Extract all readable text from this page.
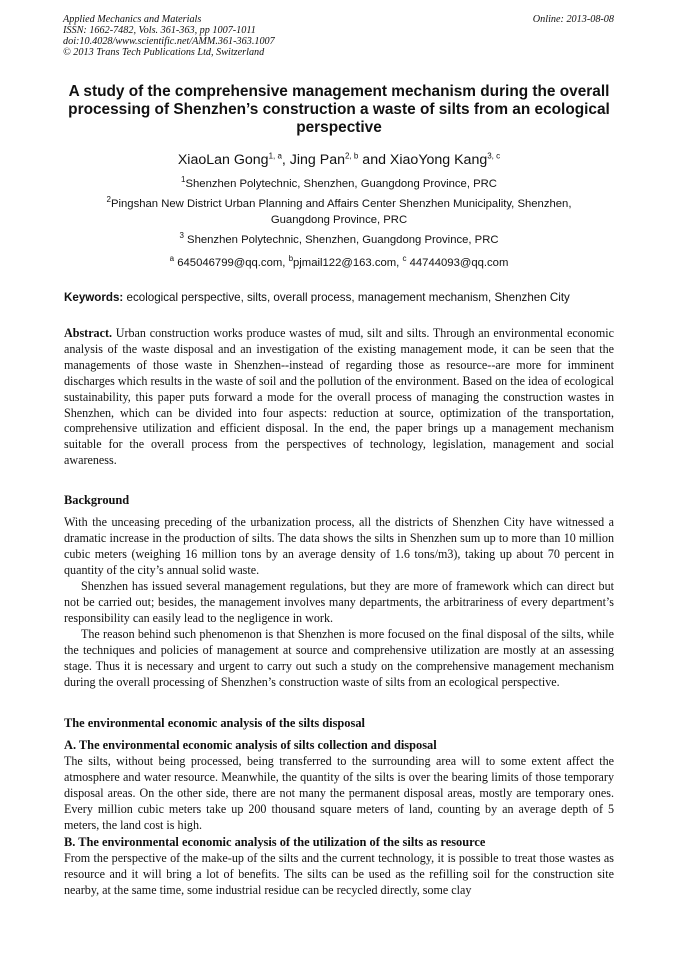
Applied Mechanics and Materials
ISSN: 1662-7482, Vols. 361-363, pp 1007-1011
doi:10.4028/www.scientific.net/AMM.361-363.1007
© 2013 Trans Tech Publications Ltd, Switzerland
Online: 2013-08-08
A study of the comprehensive management mechanism during the overall processing of Shenzhen’s construction a waste of silts from an ecological perspective
XiaoLan Gong$^{1, a}$, Jing Pan$^{2, b}$ and XiaoYong Kang$^{3, c}$
$^1$Shenzhen Polytechnic, Shenzhen, Guangdong Province, PRC
$^2$Pingshan New District Urban Planning and Affairs Center Shenzhen Municipality, Shenzhen, Guangdong Province, PRC
$^3$ Shenzhen Polytechnic, Shenzhen, Guangdong Province, PRC
$^a$ 645046799@qq.com, $^b$pjmail122@163.com, $^c$ 44744093@qq.com
Keywords: ecological perspective, silts, overall process, management mechanism, Shenzhen City
Abstract. Urban construction works produce wastes of mud, silt and silts. Through an environmental economic analysis of the waste disposal and an investigation of the existing management mode, it can be seen that the managements of those waste in Shenzhen--instead of regarding those as resource--are more for imminent discharges which results in the waste of soil and the pollution of the environment. Based on the idea of ecological sustainability, this paper puts forward a mode for the overall process of managing the construction wastes in Shenzhen, which can be divided into four aspects: reduction at source, optimization of the transportation, comprehensive utilization and efficient disposal. In the end, the paper brings up a management mechanism suitable for the overall process from the perspectives of technology, legislation, management and social awareness.
Background
With the unceasing preceding of the urbanization process, all the districts of Shenzhen City have witnessed a dramatic increase in the production of silts. The data shows the silts in Shenzhen sum up to more than 10 million cubic meters (weighing 16 million tons by an average density of 1.6 tons/m3), taking up about 70 percent in quantity of the city’s annual solid waste.
Shenzhen has issued several management regulations, but they are more of framework which can direct but not be carried out; besides, the management involves many departments, the arbitrariness of every department’s responsibility can easily lead to the negligence in work.
The reason behind such phenomenon is that Shenzhen is more focused on the final disposal of the silts, while the techniques and policies of management at source and comprehensive utilization are mostly at an assessing stage. Thus it is necessary and urgent to carry out such a study on the comprehensive management mechanism during the overall processing of Shenzhen’s construction waste of silts from an ecological perspective.
The environmental economic analysis of the silts disposal
A. The environmental economic analysis of silts collection and disposal
The silts, without being processed, being transferred to the surrounding area will to some extent affect the atmosphere and water resource. Meanwhile, the quantity of the silts is over the bearing limits of those temporary disposal areas. On the other side, there are not many the permanent disposal areas, mostly are temporary ones. Every million cubic meters take up 200 thousand square meters of land, counting by an average depth of 5 meters, the land cost is high.
B. The environmental economic analysis of the utilization of the silts as resource
From the perspective of the make-up of the silts and the current technology, it is possible to treat those wastes as resource and it will bring a lot of benefits. The silts can be used as the refilling soil for the construction site nearby, at the same time, some industrial residue can be recycled directly, some clay
